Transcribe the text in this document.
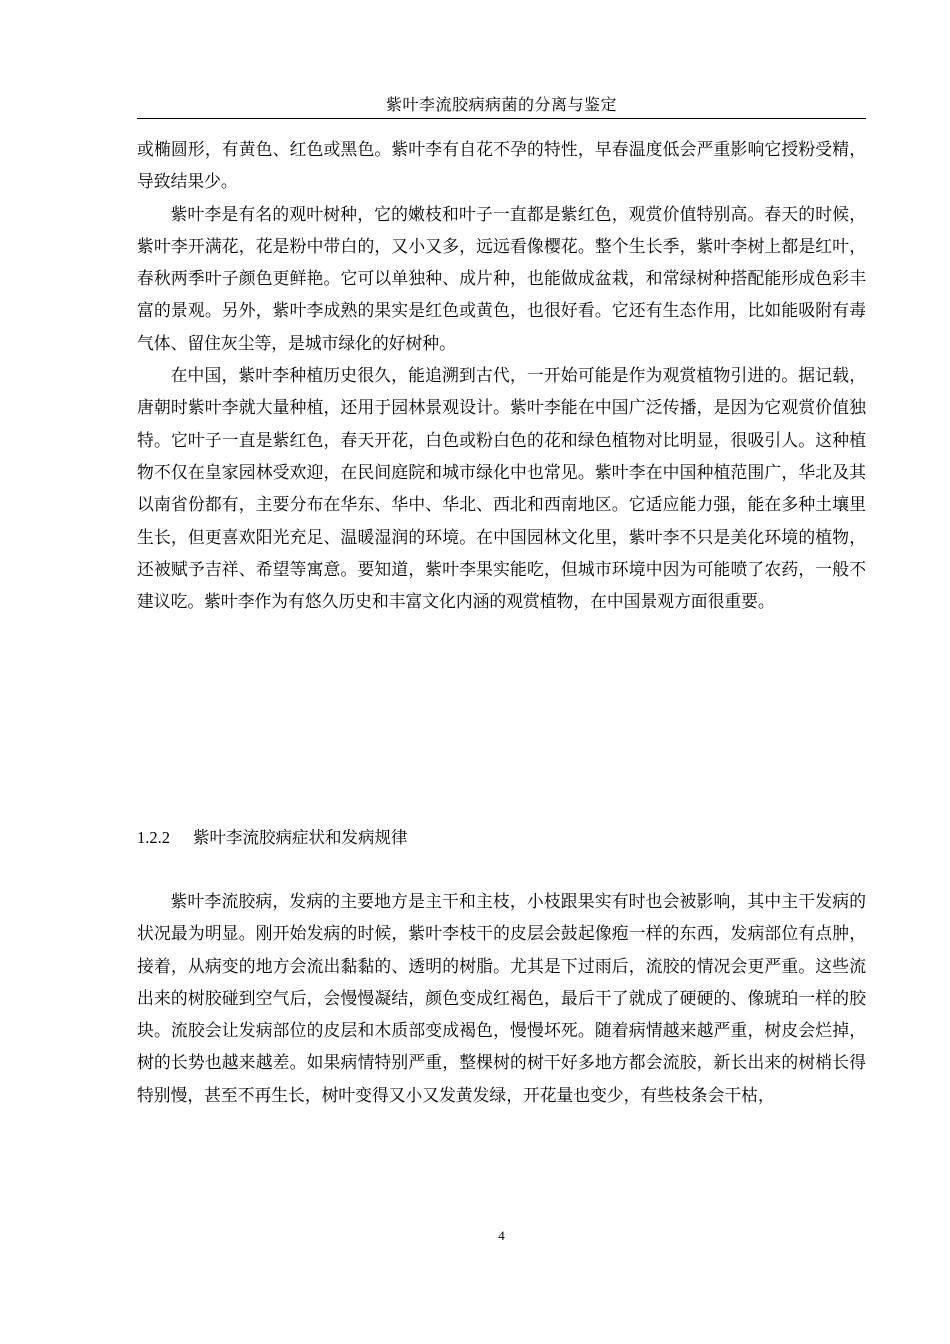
紫叶李流胶病病菌的分离与鉴定

或椭圆形，有黄色、红色或黑色。紫叶李有自花不孕的特性，早春温度低会严重影响它授粉受精，导致结果少。

紫叶李是有名的观叶树种，它的嫩枝和叶子一直都是紫红色，观赏价值特别高。春天的时候，紫叶李开满花，花是粉中带白的，又小又多，远远看像樱花。整个生长季，紫叶李树上都是红叶，春秋两季叶子颜色更鲜艳。它可以单独种、成片种，也能做成盆栽，和常绿树种搭配能形成色彩丰富的景观。另外，紫叶李成熟的果实是红色或黄色，也很好看。它还有生态作用，比如能吸附有毒气体、留住灰尘等，是城市绿化的好树种。

在中国，紫叶李种植历史很久，能追溯到古代，一开始可能是作为观赏植物引进的。据记载，唐朝时紫叶李就大量种植，还用于园林景观设计。紫叶李能在中国广泛传播，是因为它观赏价值独特。它叶子一直是紫红色，春天开花，白色或粉白色的花和绿色植物对比明显，很吸引人。这种植物不仅在皇家园林受欢迎，在民间庭院和城市绿化中也常见。紫叶李在中国种植范围广，华北及其以南省份都有，主要分布在华东、华中、华北、西北和西南地区。它适应能力强，能在多种土壤里生长，但更喜欢阳光充足、温暖湿润的环境。在中国园林文化里，紫叶李不只是美化环境的植物，还被赋予吉祥、希望等寓意。要知道，紫叶李果实能吃，但城市环境中因为可能喷了农药，一般不建议吃。紫叶李作为有悠久历史和丰富文化内涵的观赏植物，在中国景观方面很重要。

1.2.2 紫叶李流胶病症状和发病规律

紫叶李流胶病，发病的主要地方是主干和主枝，小枝跟果实有时也会被影响，其中主干发病的状况最为明显。刚开始发病的时候，紫叶李枝干的皮层会鼓起像疱一样的东西，发病部位有点肿，接着，从病变的地方会流出黏黏的、透明的树脂。尤其是下过雨后，流胶的情况会更严重。这些流出来的树胶碰到空气后，会慢慢凝结，颜色变成红褐色，最后干了就成了硬硬的、像琥珀一样的胶块。流胶会让发病部位的皮层和木质部变成褐色，慢慢坏死。随着病情越来越严重，树皮会烂掉，树的长势也越来越差。如果病情特别严重，整棵树的树干好多地方都会流胶，新长出来的树梢长得特别慢，甚至不再生长，树叶变得又小又发黄发绿，开花量也变少，有些枝条会干枯，

4
